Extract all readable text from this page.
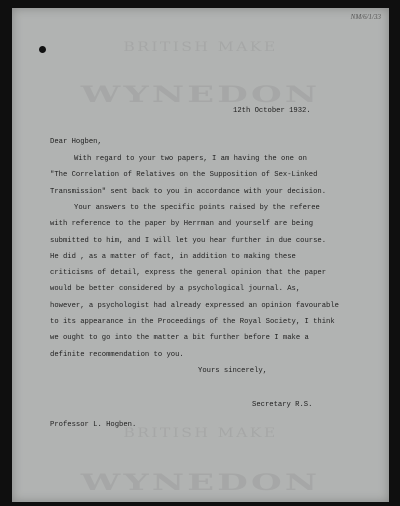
NM/6/1/33
BRITISH MAKE
WYNEDON
BRITISH MAKE
WYNEDON
12th October 1932.
Dear Hogben,
With regard to your two papers, I am having the one on
"The Correlation of Relatives on the Supposition of Sex-Linked
Transmission" sent back to you in accordance with your decision.
Your answers to the specific points raised by the referee
with reference to the paper by Herrman and yourself are being
submitted to him, and I will let you hear further in due course.
He did , as a matter of fact, in addition to making these
criticisms of detail, express the general opinion that the paper
would be better considered by a psychological journal. As,
however, a psychologist had already expressed an opinion favourable
to its appearance in the Proceedings of the Royal Society, I think
we ought to go into the matter a bit further before I make a
definite recommendation to you.
Yours sincerely,
Secretary R.S.
Professor L. Hogben.
